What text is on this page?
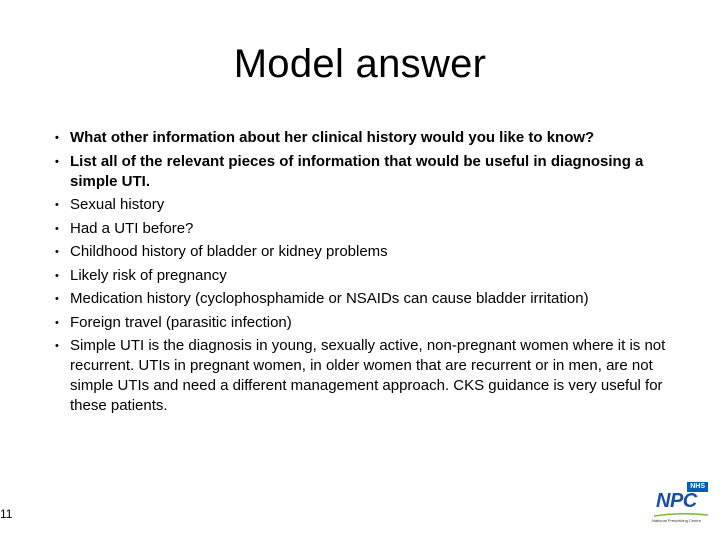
Model answer
• What other information about her clinical history would you like to know?
• List all of the relevant pieces of information that would be useful in diagnosing a simple UTI.
• Sexual history
• Had a UTI before?
• Childhood history of bladder or kidney problems
• Likely risk of pregnancy
• Medication history (cyclophosphamide or NSAIDs can cause bladder irritation)
• Foreign travel (parasitic infection)
• Simple UTI is the diagnosis in young, sexually active, non-pregnant women where it is not recurrent. UTIs in pregnant women, in older women that are recurrent or in men, are not simple UTIs and need a different management approach. CKS guidance is very useful for these patients.
11
NHS
NPC
National Prescribing Centre
